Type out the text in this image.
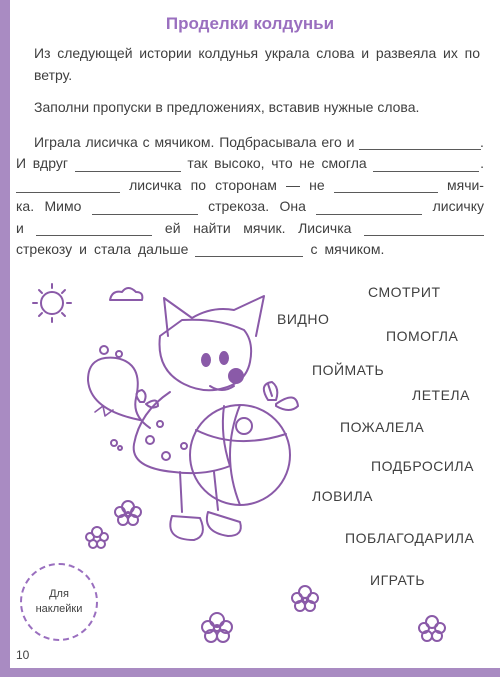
Проделки колдуньи
Из следующей истории колдунья украла слова и развеяла их по ветру.
Заполни пропуски в предложениях, вставив нужные слова.
Играла лисичка с мячиком. Подбрасывала его и	.
И вдруг	так высоко, что не смогла	.
лисичка по сторонам — не	мячи-
ка. Мимо	стрекоза. Она	лисичку
и	ей найти мячик. Лисичка
стрекозу и стала дальше	с мячиком.
СМОТРИТ
ВИДНО
ПОМОГЛА
ПОЙМАТЬ
ЛЕТЕЛА
ПОЖАЛЕЛА
ПОДБРОСИЛА
ЛОВИЛА
ПОБЛАГОДАРИЛА
ИГРАТЬ
Для
наклейки
10
